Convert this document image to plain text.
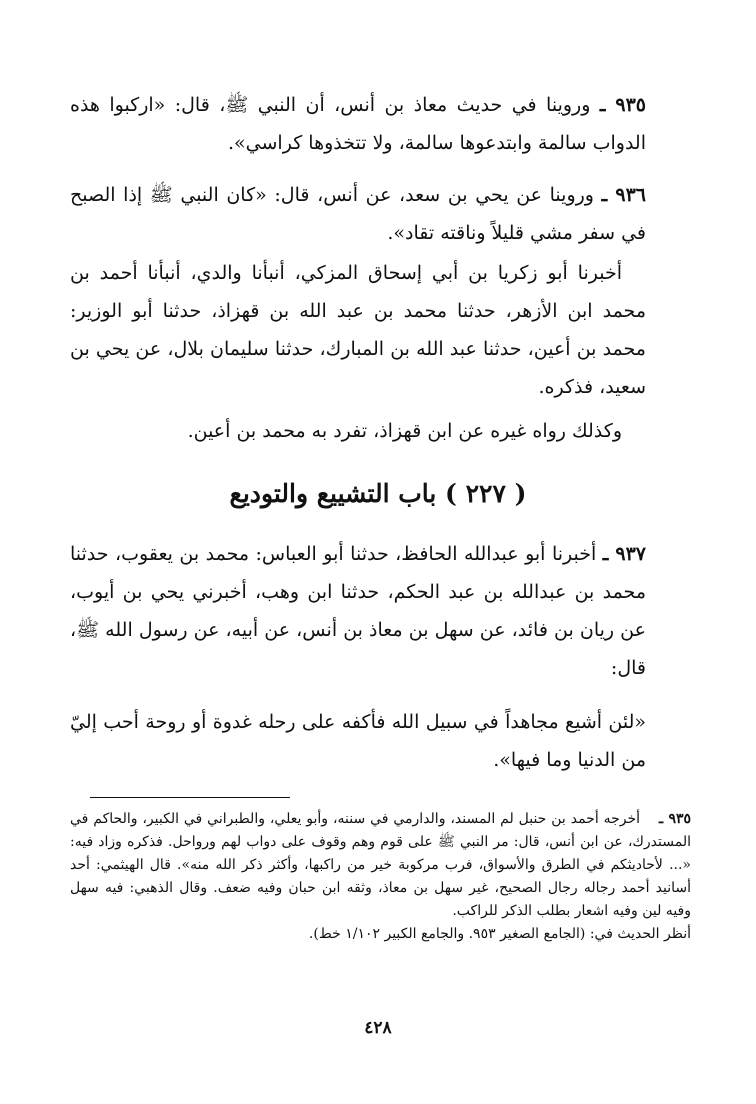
٩٣٥ ـ وروينا في حديث معاذ بن أنس، أن النبي ﷺ، قال: «اركبوا هذه الدواب سالمة وابتدعوها سالمة، ولا تتخذوها كراسي».

٩٣٦ ـ وروينا عن يحي بن سعد، عن أنس، قال: «كان النبي ﷺ إذا الصبح في سفر مشي قليلاً وناقته تقاد».

أخبرنا أبو زكريا بن أبي إسحاق المزكي، أنبأنا والدي، أنبأنا أحمد بن محمد ابن الأزهر، حدثنا محمد بن عبد الله بن قهزاذ، حدثنا أبو الوزير: محمد بن أعين، حدثنا عبد الله بن المبارك، حدثنا سليمان بلال، عن يحي بن سعيد، فذكره.

وكذلك رواه غيره عن ابن قهزاذ، تفرد به محمد بن أعين.

( ٢٢٧ ) باب التشييع والتوديع

٩٣٧ ـ أخبرنا أبو عبدالله الحافظ، حدثنا أبو العباس: محمد بن يعقوب، حدثنا محمد بن عبدالله بن عبد الحكم، حدثنا ابن وهب، أخبرني يحي بن أيوب، عن ريان بن فائد، عن سهل بن معاذ بن أنس، عن أبيه، عن رسول الله ﷺ، قال:

«لئن أشيع مجاهداً في سبيل الله فأكفه على رحله غدوة أو روحة أحب إليّ من الدنيا وما فيها».

٩٣٥ ـ أخرجه أحمد بن حنبل لم المسند، والدارمي في سننه، وأبو يعلي، والطبراني في الكبير، والحاكم في المستدرك، عن ابن أنس، قال: مر النبي ﷺ على قوم وهم وقوف على دواب لهم ورواحل. فذكره وزاد فيه: «... لأحاديثكم في الطرق والأسواق، فرب مركوبة خير من راكبها، وأكثر ذكر الله منه». قال الهيثمي: أحد أسانيد أحمد رجاله رجال الصحيح، غير سهل بن معاذ، وثقه ابن حبان وفيه ضعف. وقال الذهبي: فيه سهل وفيه لين وفيه اشعار بطلب الذكر للراكب.

أنظر الحديث في: (الجامع الصغير ٩٥٣. والجامع الكبير ١/١٠٢ خط).

٤٢٨
